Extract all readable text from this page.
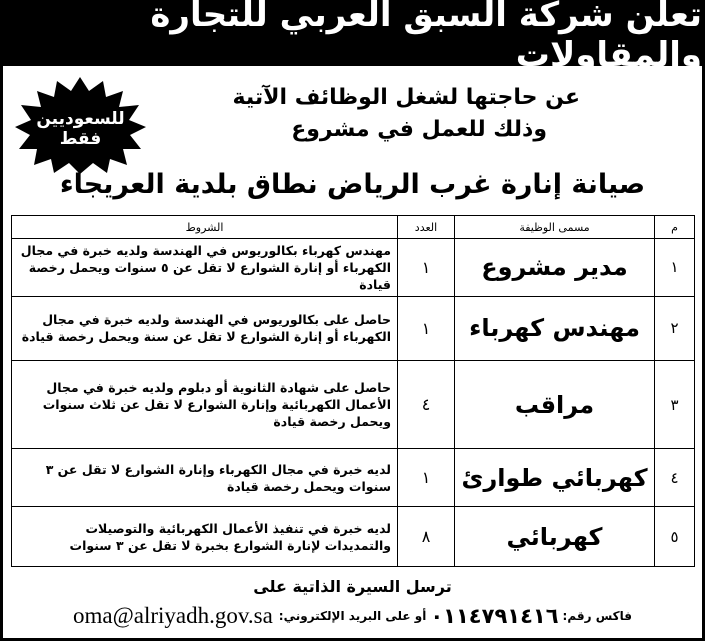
تعلن شركة السبق العربي للتجارة والمقاولات
عن حاجتها لشغل الوظائف الآتية
وذلك للعمل في مشروع
للسعوديين فقط
صيانة إنارة غرب الرياض نطاق بلدية العريجاء
م	مسمى الوظيفة	العدد	الشروط
١	مدير مشروع	١	مهندس كهرباء بكالوريوس في الهندسة ولديه خبرة في مجال
الكهرباء أو إنارة الشوارع لا تقل عن ٥ سنوات ويحمل رخصة قيادة

٢	مهندس كهرباء	١	حاصل على بكالوريوس في الهندسة ولديه خبرة في مجال
الكهرباء أو إنارة الشوارع لا تقل عن سنة ويحمل رخصة قيادة

٣	مراقب	٤	حاصل على شهادة الثانوية أو دبلوم ولديه خبرة في مجال
الأعمال الكهربائية وإنارة الشوارع لا تقل عن ثلاث سنوات
ويحمل رخصة قيادة

٤	كهربائي طوارئ	١	لديه خبرة في مجال الكهرباء وإنارة الشوارع لا تقل عن ٣
سنوات ويحمل رخصة قيادة

٥	كهربائي	٨	لديه خبرة في تنفيذ الأعمال الكهربائية والتوصيلات
والتمديدات لإنارة الشوارع بخبرة لا تقل عن ٣ سنوات
ترسل السيرة الذاتية على
فاكس رقم:
٠١١٤٧٩١٤١٦
أو على البريد الإلكتروني:
oma@alriyadh.gov.sa
